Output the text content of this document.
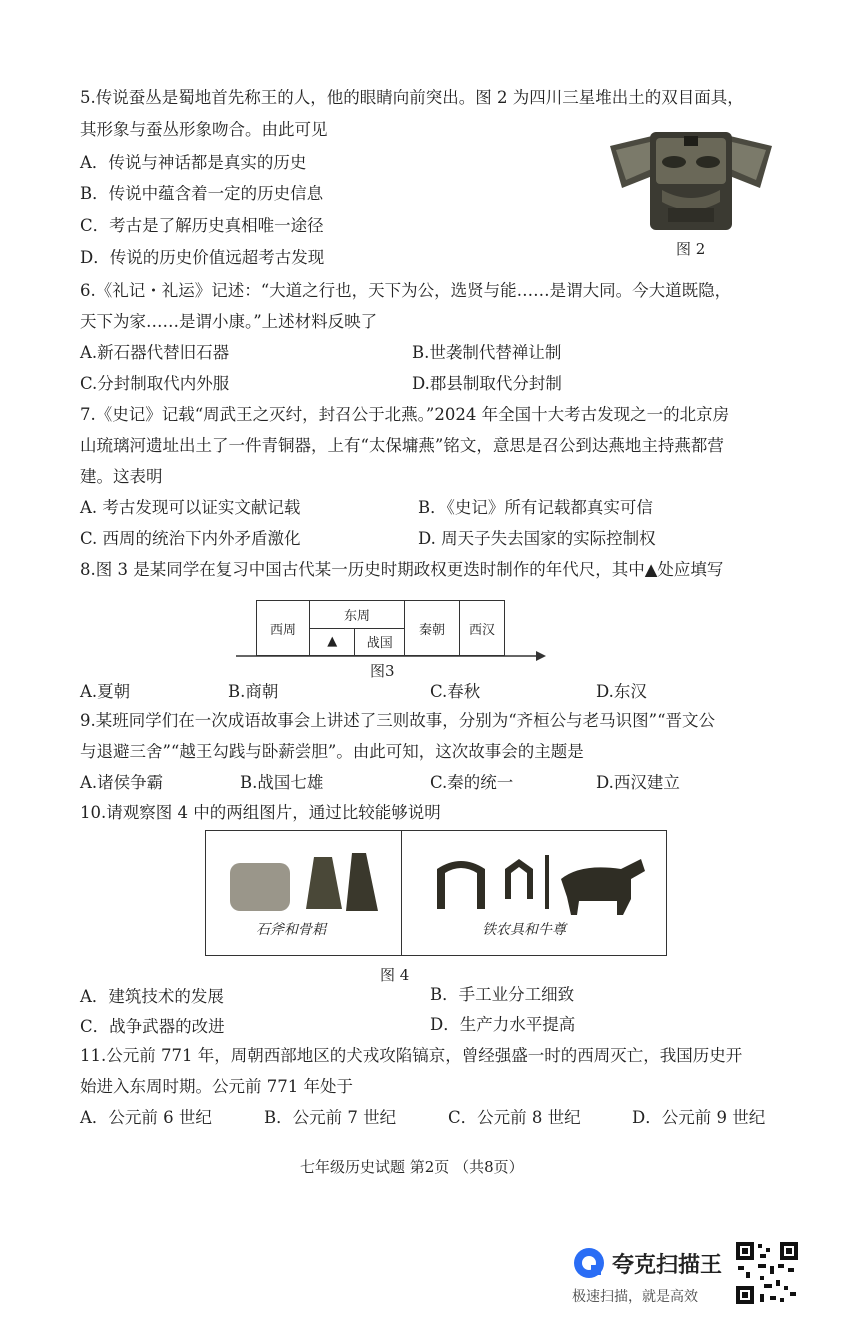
5.传说蚕丛是蜀地首先称王的人，他的眼睛向前突出。图 2 为四川三星堆出土的双目面具，
其形象与蚕丛形象吻合。由此可见
A．传说与神话都是真实的历史
B．传说中蕴含着一定的历史信息
C．考古是了解历史真相唯一途径
D．传说的历史价值远超考古发现	图 2
6.《礼记・礼运》记述：“大道之行也，天下为公，选贤与能……是谓大同。今大道既隐，
天下为家……是谓小康。”上述材料反映了
A.新石器代替旧石器	B.世袭制代替禅让制
C.分封制取代内外服	D.郡县制取代分封制
7.《史记》记载“周武王之灭纣，封召公于北燕。”2024 年全国十大考古发现之一的北京房
山琉璃河遗址出土了一件青铜器，上有“太保墉燕”铭文，意思是召公到达燕地主持燕都营
建。这表明
A. 考古发现可以证实文献记载	B．《史记》所有记载都真实可信
C. 西周的统治下内外矛盾激化	D. 周天子失去国家的实际控制权
8.图 3 是某同学在复习中国古代某一历史时期政权更迭时制作的年代尺，其中▲处应填写
西周	东周		秦朝	西汉
	▲	战国		
图3
A.夏朝	B.商朝	C.春秋	D.东汉
9.某班同学们在一次成语故事会上讲述了三则故事，分别为“齐桓公与老马识图”“晋文公
与退避三舍”“越王勾践与卧薪尝胆”。由此可知，这次故事会的主题是
A.诸侯争霸	B.战国七雄	C.秦的统一	D.西汉建立
10.请观察图 4 中的两组图片，通过比较能够说明
石斧和骨耜	铁农具和牛尊
图 4
A．建筑技术的发展	B．手工业分工细致
C．战争武器的改进	D．生产力水平提高
11.公元前 771 年，周朝西部地区的犬戎攻陷镐京，曾经强盛一时的西周灭亡，我国历史开
始进入东周时期。公元前 771 年处于
A．公元前 6 世纪	B．公元前 7 世纪	C．公元前 8 世纪	D．公元前 9 世纪
七年级历史试题 第2页 （共8页）
夸克扫描王
极速扫描，就是高效
